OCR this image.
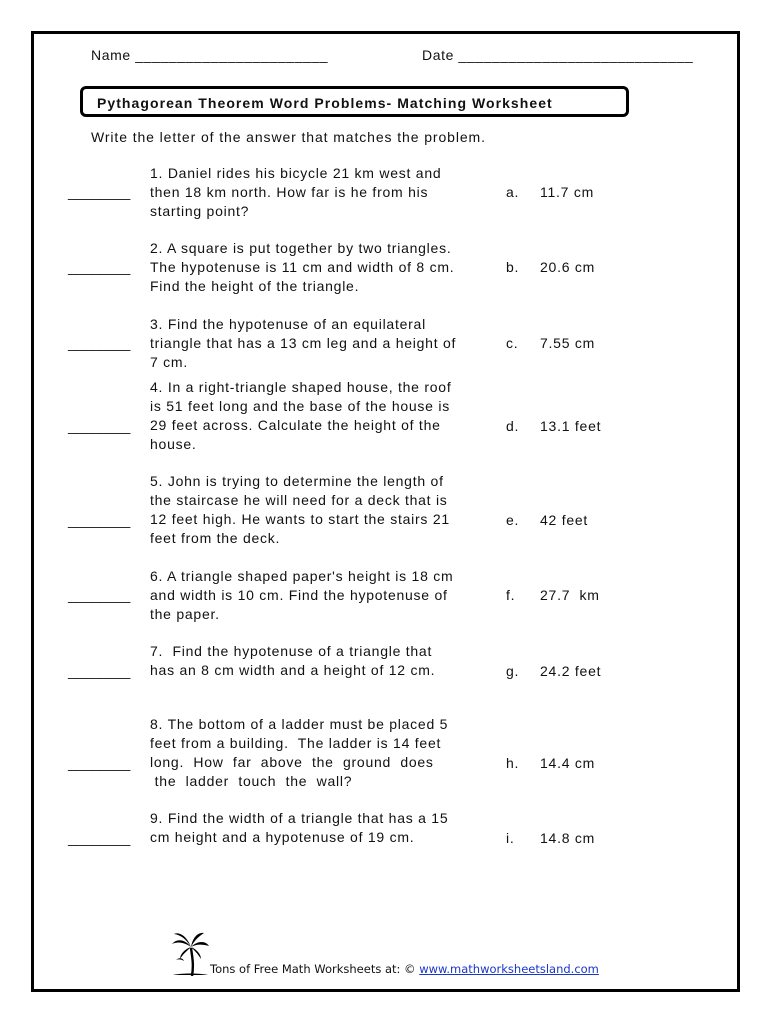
Name _______________________	Date ____________________________
Pythagorean Theorem Word Problems- Matching Worksheet
Write the letter of the answer that matches the problem.
________
1. Daniel rides his bicycle 21 km west and
then 18 km north. How far is he from his
starting point?
a. 11.7 cm
________
2. A square is put together by two triangles.
The hypotenuse is 11 cm and width of 8 cm.
Find the height of the triangle.
b. 20.6 cm
________
3. Find the hypotenuse of an equilateral
triangle that has a 13 cm leg and a height of
7 cm.
c. 7.55 cm
________
4. In a right-triangle shaped house, the roof
is 51 feet long and the base of the house is
29 feet across. Calculate the height of the
house.
d. 13.1 feet
________
5. John is trying to determine the length of
the staircase he will need for a deck that is
12 feet high. He wants to start the stairs 21
feet from the deck.
e. 42 feet
________
6. A triangle shaped paper's height is 18 cm
and width is 10 cm. Find the hypotenuse of
the paper.
f. 27.7  km
________
7.  Find the hypotenuse of a triangle that
has an 8 cm width and a height of 12 cm.	g. 24.2 feet
________
8. The bottom of a ladder must be placed 5
feet from a building.  The ladder is 14 feet
long.  How  far  above  the  ground  does
the  ladder  touch  the  wall?
h. 14.4 cm
________
9. Find the width of a triangle that has a 15
cm height and a hypotenuse of 19 cm.	i. 14.8 cm
Tons of Free Math Worksheets at: © www.mathworksheetsland.com
